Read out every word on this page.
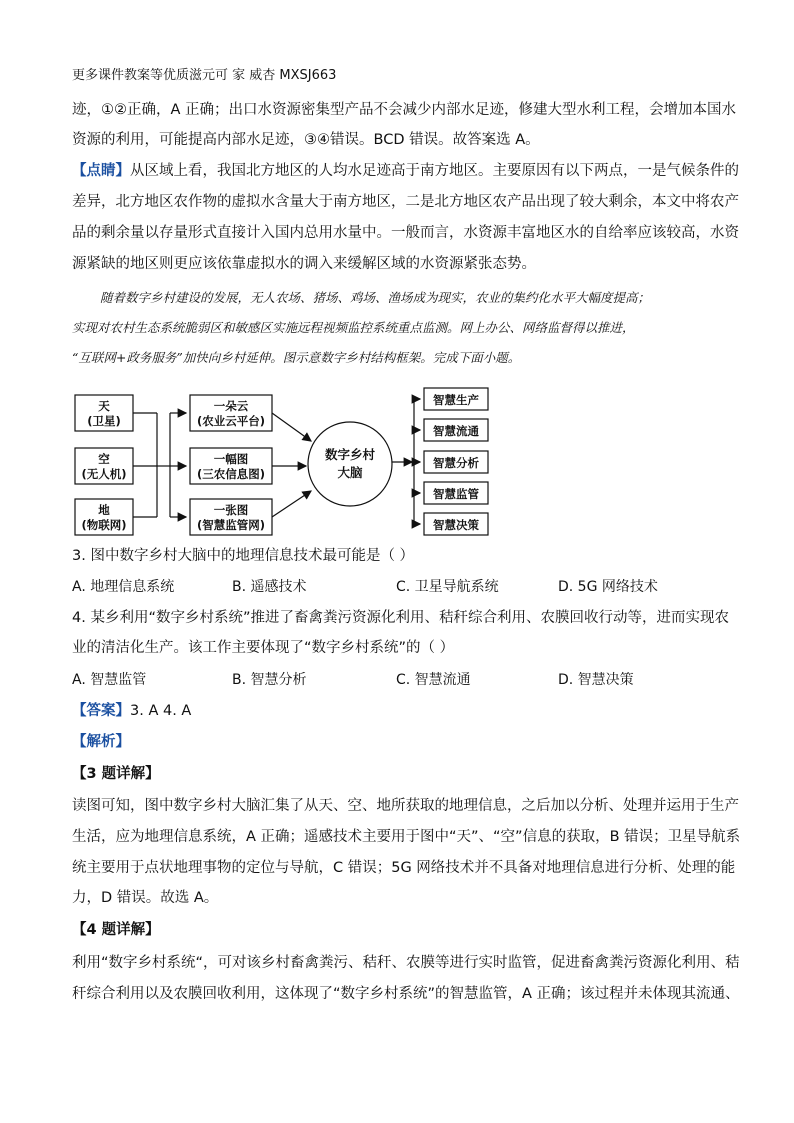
更多课件教案等优质滋元可 家 威杏 MXSJ663
迹，①②正确，A 正确；出口水资源密集型产品不会减少内部水足迹，修建大型水利工程，会增加本国水
资源的利用，可能提高内部水足迹，③④错误。BCD 错误。故答案选 A。
【点睛】从区域上看，我国北方地区的人均水足迹高于南方地区。主要原因有以下两点，一是气候条件的
差异，北方地区农作物的虚拟水含量大于南方地区，二是北方地区农产品出现了较大剩余，本文中将农产
品的剩余量以存量形式直接计入国内总用水量中。一般而言，水资源丰富地区水的自给率应该较高，水资
源紧缺的地区则更应该依靠虚拟水的调入来缓解区域的水资源紧张态势。
随着数字乡村建设的发展，无人农场、猪场、鸡场、渔场成为现实，农业的集约化水平大幅度提高；
实现对农村生态系统脆弱区和敏感区实施远程视频监控系统重点监测。网上办公、网络监督得以推进，
“互联网+政务服务”加快向乡村延伸。图示意数字乡村结构框架。完成下面小题。
天
(卫星)
空
(无人机)
地
(物联网)
一朵云
(农业云平台)
一幅图
(三农信息图)
一张图
(智慧监管网)
数字乡村
大脑
智慧生产
智慧流通
智慧分析
智慧监管
智慧决策
3. 图中数字乡村大脑中的地理信息技术最可能是（ ）
A. 地理信息系统	B. 遥感技术	C. 卫星导航系统	D. 5G 网络技术
4. 某乡利用“数字乡村系统”推进了畜禽粪污资源化利用、秸秆综合利用、农膜回收行动等，进而实现农
业的清洁化生产。该工作主要体现了“数字乡村系统”的（ ）
A. 智慧监管	B. 智慧分析	C. 智慧流通	D. 智慧决策
【答案】3. A 4. A
【解析】
【3 题详解】
读图可知，图中数字乡村大脑汇集了从天、空、地所获取的地理信息，之后加以分析、处理并运用于生产
生活，应为地理信息系统，A 正确；遥感技术主要用于图中“天”、“空”信息的获取，B 错误；卫星导航系
统主要用于点状地理事物的定位与导航，C 错误；5G 网络技术并不具备对地理信息进行分析、处理的能
力，D 错误。故选 A。
【4 题详解】
利用“数字乡村系统“，可对该乡村畜禽粪污、秸秆、农膜等进行实时监管，促进畜禽粪污资源化利用、秸
秆综合利用以及农膜回收利用，这体现了“数字乡村系统”的智慧监管，A 正确；该过程并未体现其流通、
